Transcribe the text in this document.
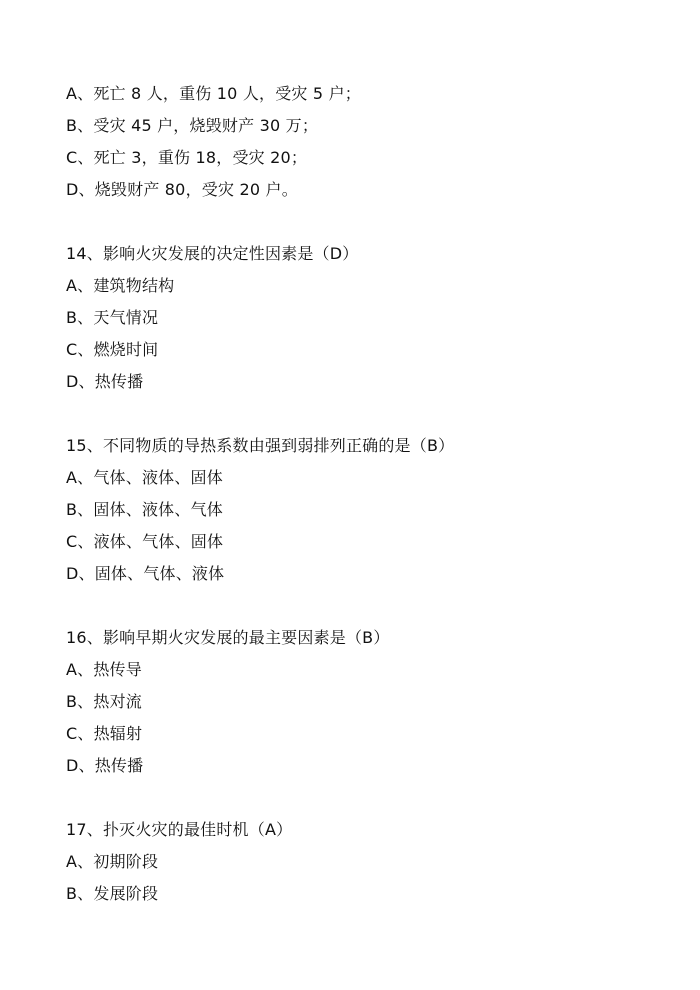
A、死亡 8 人，重伤 10 人，受灾 5 户；
B、受灾 45 户，烧毁财产 30 万；
C、死亡 3，重伤 18，受灾 20；
D、烧毁财产 80，受灾 20 户。
14、影响火灾发展的决定性因素是（D）
A、建筑物结构
B、天气情况
C、燃烧时间
D、热传播
15、不同物质的导热系数由强到弱排列正确的是（B）
A、气体、液体、固体
B、固体、液体、气体
C、液体、气体、固体
D、固体、气体、液体
16、影响早期火灾发展的最主要因素是（B）
A、热传导
B、热对流
C、热辐射
D、热传播
17、扑灭火灾的最佳时机（A）
A、初期阶段
B、发展阶段
